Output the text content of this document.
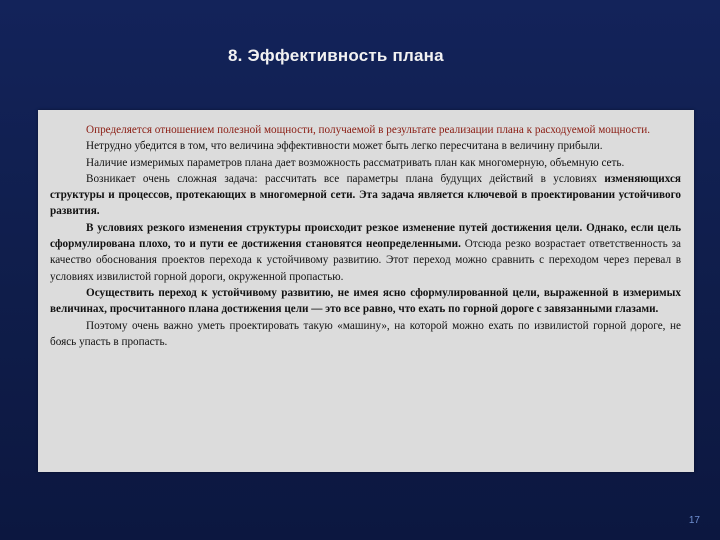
8. Эффективность плана

Определяется отношением полезной мощности, получаемой в результате реализации плана к расходуемой мощности.

Нетрудно убедится в том, что величина эффективности может быть легко пересчитана в величину прибыли.

Наличие измеримых параметров плана дает возможность рассматривать план как многомерную, объемную сеть.

Возникает очень сложная задача: рассчитать все параметры плана будущих действий в условиях изменяющихся структуры и процессов, протекающих в многомерной сети. Эта задача является ключевой в проектировании устойчивого развития.

В условиях резкого изменения структуры происходит резкое изменение путей достижения цели. Однако, если цель сформулирована плохо, то и пути ее достижения становятся неопределенными. Отсюда резко возрастает ответственность за качество обоснования проектов перехода к устойчивому развитию. Этот переход можно сравнить с переходом через перевал в условиях извилистой горной дороги, окруженной пропастью.

Осуществить переход к устойчивому развитию, не имея ясно сформулированной цели, выраженной в измеримых величинах, просчитанного плана достижения цели — это все равно, что ехать по горной дороге с завязанными глазами.

Поэтому очень важно уметь проектировать такую «машину», на которой можно ехать по извилистой горной дороге, не боясь упасть в пропасть.

17
